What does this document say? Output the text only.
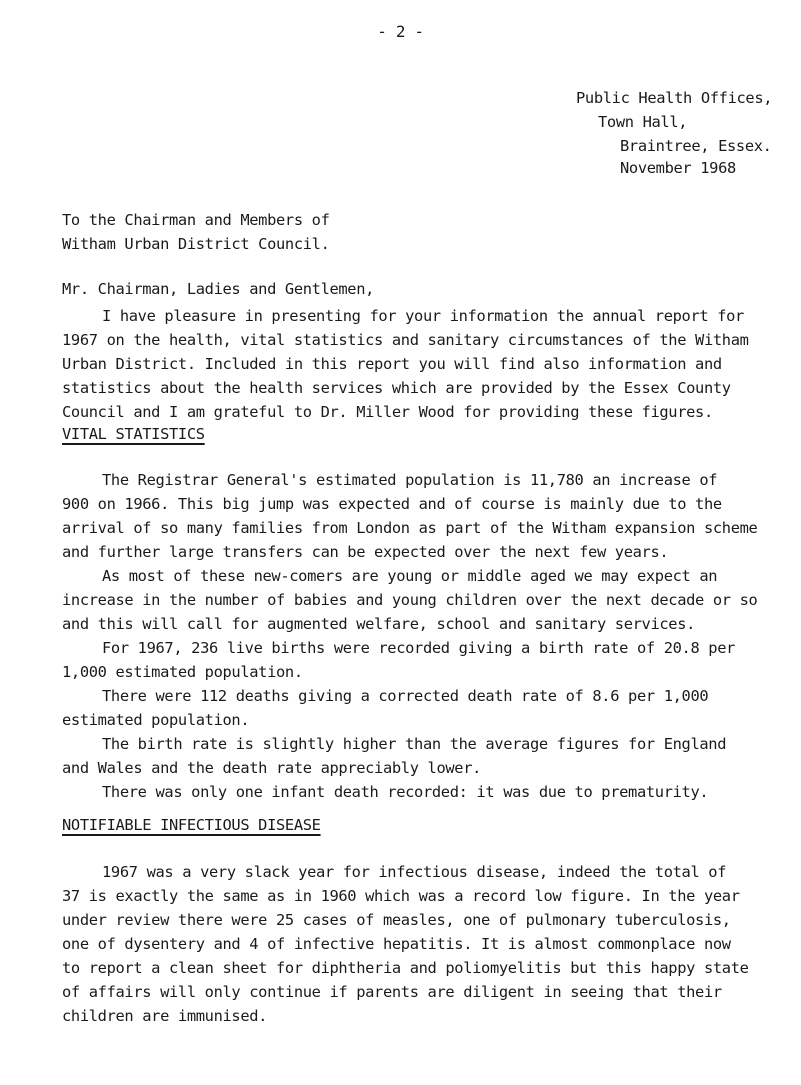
- 2 -
Public Health Offices,
Town Hall,
Braintree, Essex.
November 1968
To the Chairman and Members of
Witham Urban District Council.
Mr. Chairman, Ladies and Gentlemen,

I have pleasure in presenting for your information the annual report for
1967 on the health, vital statistics and sanitary circumstances of the Witham
Urban District. Included in this report you will find also information and
statistics about the health services which are provided by the Essex County
Council and I am grateful to Dr. Miller Wood for providing these figures.

VITAL STATISTICS

The Registrar General's estimated population is 11,780 an increase of
900 on 1966. This big jump was expected and of course is mainly due to the
arrival of so many families from London as part of the Witham expansion scheme
and further large transfers can be expected over the next few years.

As most of these new-comers are young or middle aged we may expect an
increase in the number of babies and young children over the next decade or so
and this will call for augmented welfare, school and sanitary services.

For 1967, 236 live births were recorded giving a birth rate of 20.8 per
1,000 estimated population.

There were 112 deaths giving a corrected death rate of 8.6 per 1,000
estimated population.

The birth rate is slightly higher than the average figures for England
and Wales and the death rate appreciably lower.

There was only one infant death recorded: it was due to prematurity.

NOTIFIABLE INFECTIOUS DISEASE

1967 was a very slack year for infectious disease, indeed the total of
37 is exactly the same as in 1960 which was a record low figure. In the year
under review there were 25 cases of measles, one of pulmonary tuberculosis,
one of dysentery and 4 of infective hepatitis. It is almost commonplace now
to report a clean sheet for diphtheria and poliomyelitis but this happy state
of affairs will only continue if parents are diligent in seeing that their
children are immunised.
